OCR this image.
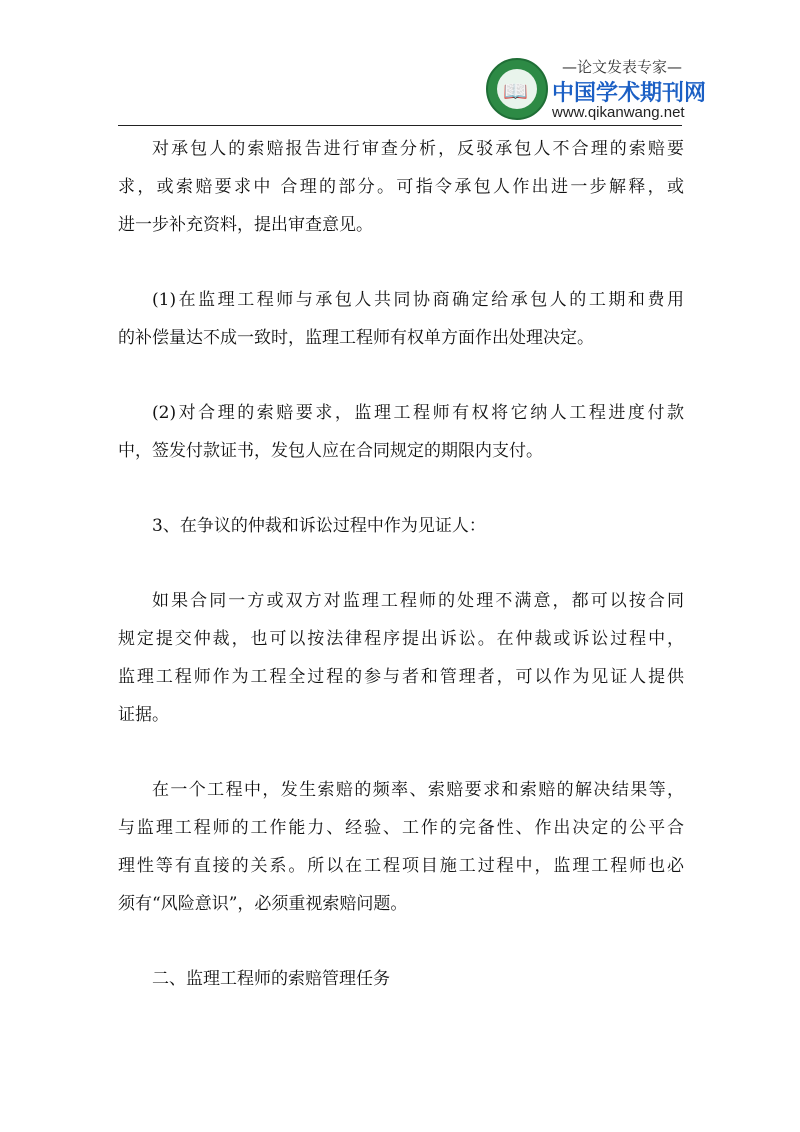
📖
—论文发表专家—
中国学术期刊网
www.qikanwang.net
对承包人的索赔报告进行审查分析，反驳承包人不合理的索赔要
求，或索赔要求中 合理的部分。可指令承包人作出进一步解释，或
进一步补充资料，提出审查意见。
(1)在监理工程师与承包人共同协商确定给承包人的工期和费用
的补偿量达不成一致时，监理工程师有权单方面作出处理决定。
(2)对合理的索赔要求，监理工程师有权将它纳人工程进度付款
中，签发付款证书，发包人应在合同规定的期限内支付。
3、在争议的仲裁和诉讼过程中作为见证人：
如果合同一方或双方对监理工程师的处理不满意，都可以按合同
规定提交仲裁，也可以按法律程序提出诉讼。在仲裁或诉讼过程中，
监理工程师作为工程全过程的参与者和管理者，可以作为见证人提供
证据。
在一个工程中，发生索赔的频率、索赔要求和索赔的解决结果等，
与监理工程师的工作能力、经验、工作的完备性、作出决定的公平合
理性等有直接的关系。所以在工程项目施工过程中，监理工程师也必
须有“风险意识”，必须重视索赔问题。
二、监理工程师的索赔管理任务
